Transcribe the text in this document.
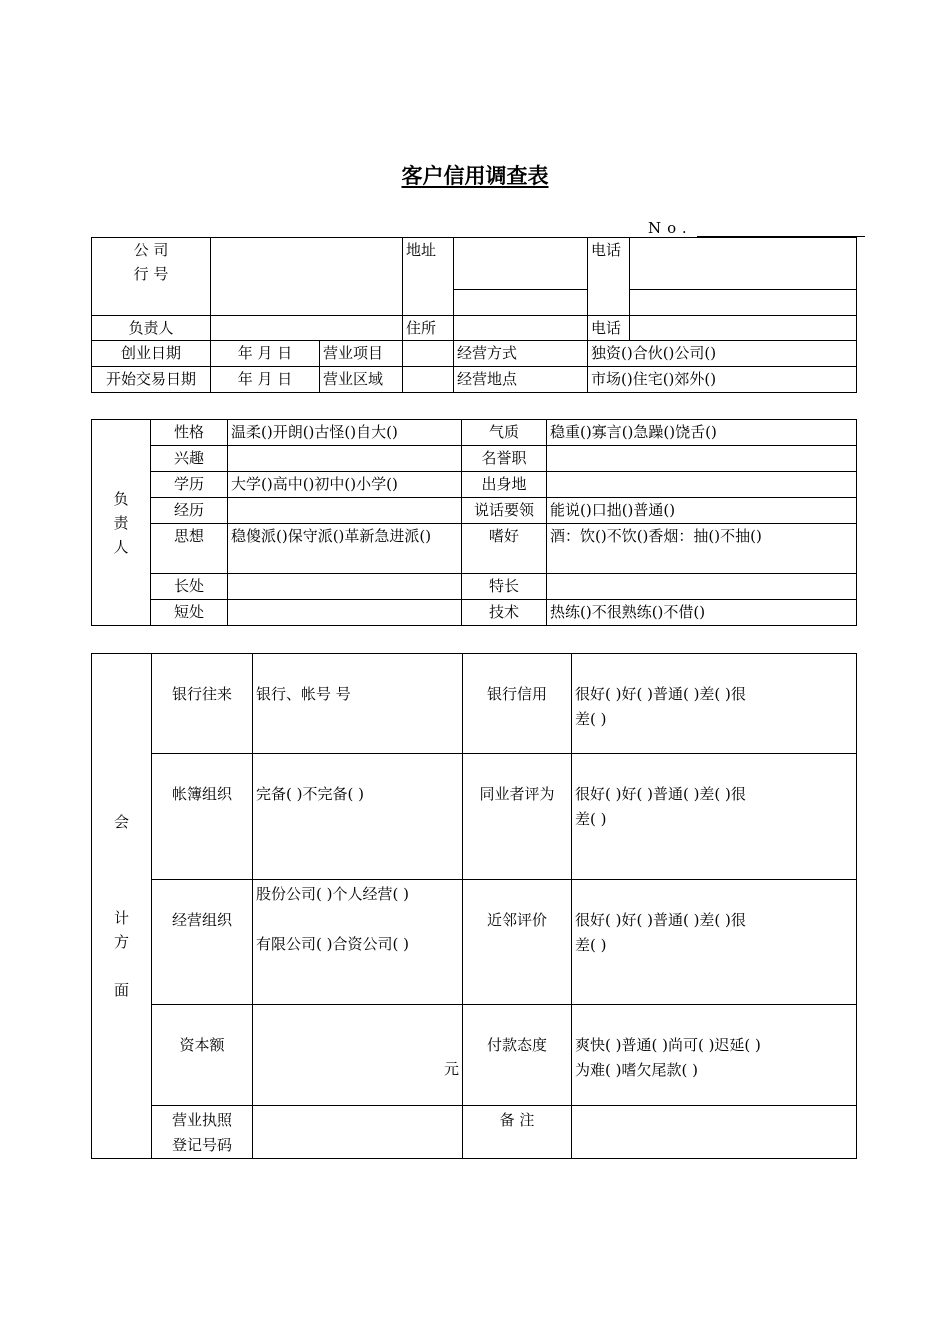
客户信用调查表
No.
公 司
行 号			地址		电话	

负责人			住所		电话	
创业日期	年 月 日	营业项目		经营方式	独资()合伙()公司()	
开始交易日期	年 月 日	营业区域		经营地点	市场()住宅()郊外()	
负
责
人	性格	温柔()开朗()古怪()自大()	气质	稳重()寡言()急躁()饶舌()
	兴趣		名誉职	
	学历	大学()高中()初中()小学()	出身地	
	经历		说话要领	能说()口拙()普通()
	思想	稳傻派()保守派()革新急进派()	嗜好	酒：饮()不饮()香烟：抽()不抽()
	长处		特长	
	短处		技术	热练()不很熟练()不借()
会
计
方
面	银行往来	银行、帐号 号	银行信用	很好( )好( )普通( )差( )很
差( )
	帐簿组织	完备( )不完备( )	同业者评为	很好( )好( )普通( )差( )很
差( )
	经营组织	股份公司( )个人经营( )

有限公司( )合资公司( )	近邻评价	很好( )好( )普通( )差( )很
差( )
	资本额	元	付款态度	爽快( )普通( )尚可( )迟延( )
为难( )嗜欠尾款( )

	营业执照
登记号码		备 注	
